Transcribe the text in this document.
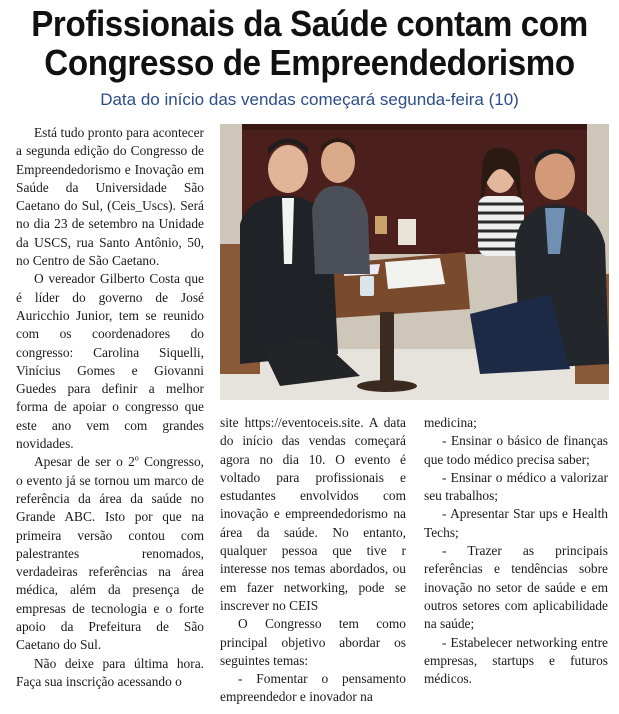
Profissionais da Saúde contam com
Congresso de Empreendedorismo
Data do início das vendas começará segunda-feira (10)

Está tudo pronto para acontecer a segunda edição do Congresso de Empreendedorismo e Inovação em Saúde da Universidade São Caetano do Sul, (Ceis_Uscs). Será no dia 23 de setembro na Unidade da USCS, rua Santo Antônio, 50, no Centro de São Caetano.

O vereador Gilberto Costa que é líder do governo de José Auricchio Junior, tem se reunido com os coordenadores do congresso: Carolina Siquelli, Vinícius Gomes e Giovanni Guedes para definir a melhor forma de apoiar o congresso que este ano vem com grandes novidades.

Apesar de ser o 2$^o$ Congresso, o evento já se tornou um marco de referência da área da saúde no Grande ABC. Isto por que na primeira versão contou com palestrantes renomados, verdadeiras referências na área médica, além da presença de empresas de tecnologia e o forte apoio da Prefeitura de São Caetano do Sul.

Não deixe para última hora. Faça sua inscrição acessando o

site https://eventoceis.site. A data do início das vendas começará agora no dia 10. O evento é voltado para profissionais e estudantes envolvidos com inovação e empreendedorismo na área da saúde. No entanto, qualquer pessoa que tive r interesse nos temas abordados, ou em fazer networking, pode se inscrever no CEIS

O Congresso tem como principal objetivo abordar os seguintes temas:

- Fomentar o pensamento empreendedor e inovador na

medicina;

- Ensinar o básico de finanças que todo médico precisa saber;

- Ensinar o médico a valorizar seu trabalhos;

- Apresentar Star ups e Health Techs;

- Trazer as principais referências e tendências sobre inovação no setor de saúde e em outros setores com aplicabilidade na saúde;

- Estabelecer networking entre empresas, startups e futuros médicos.
